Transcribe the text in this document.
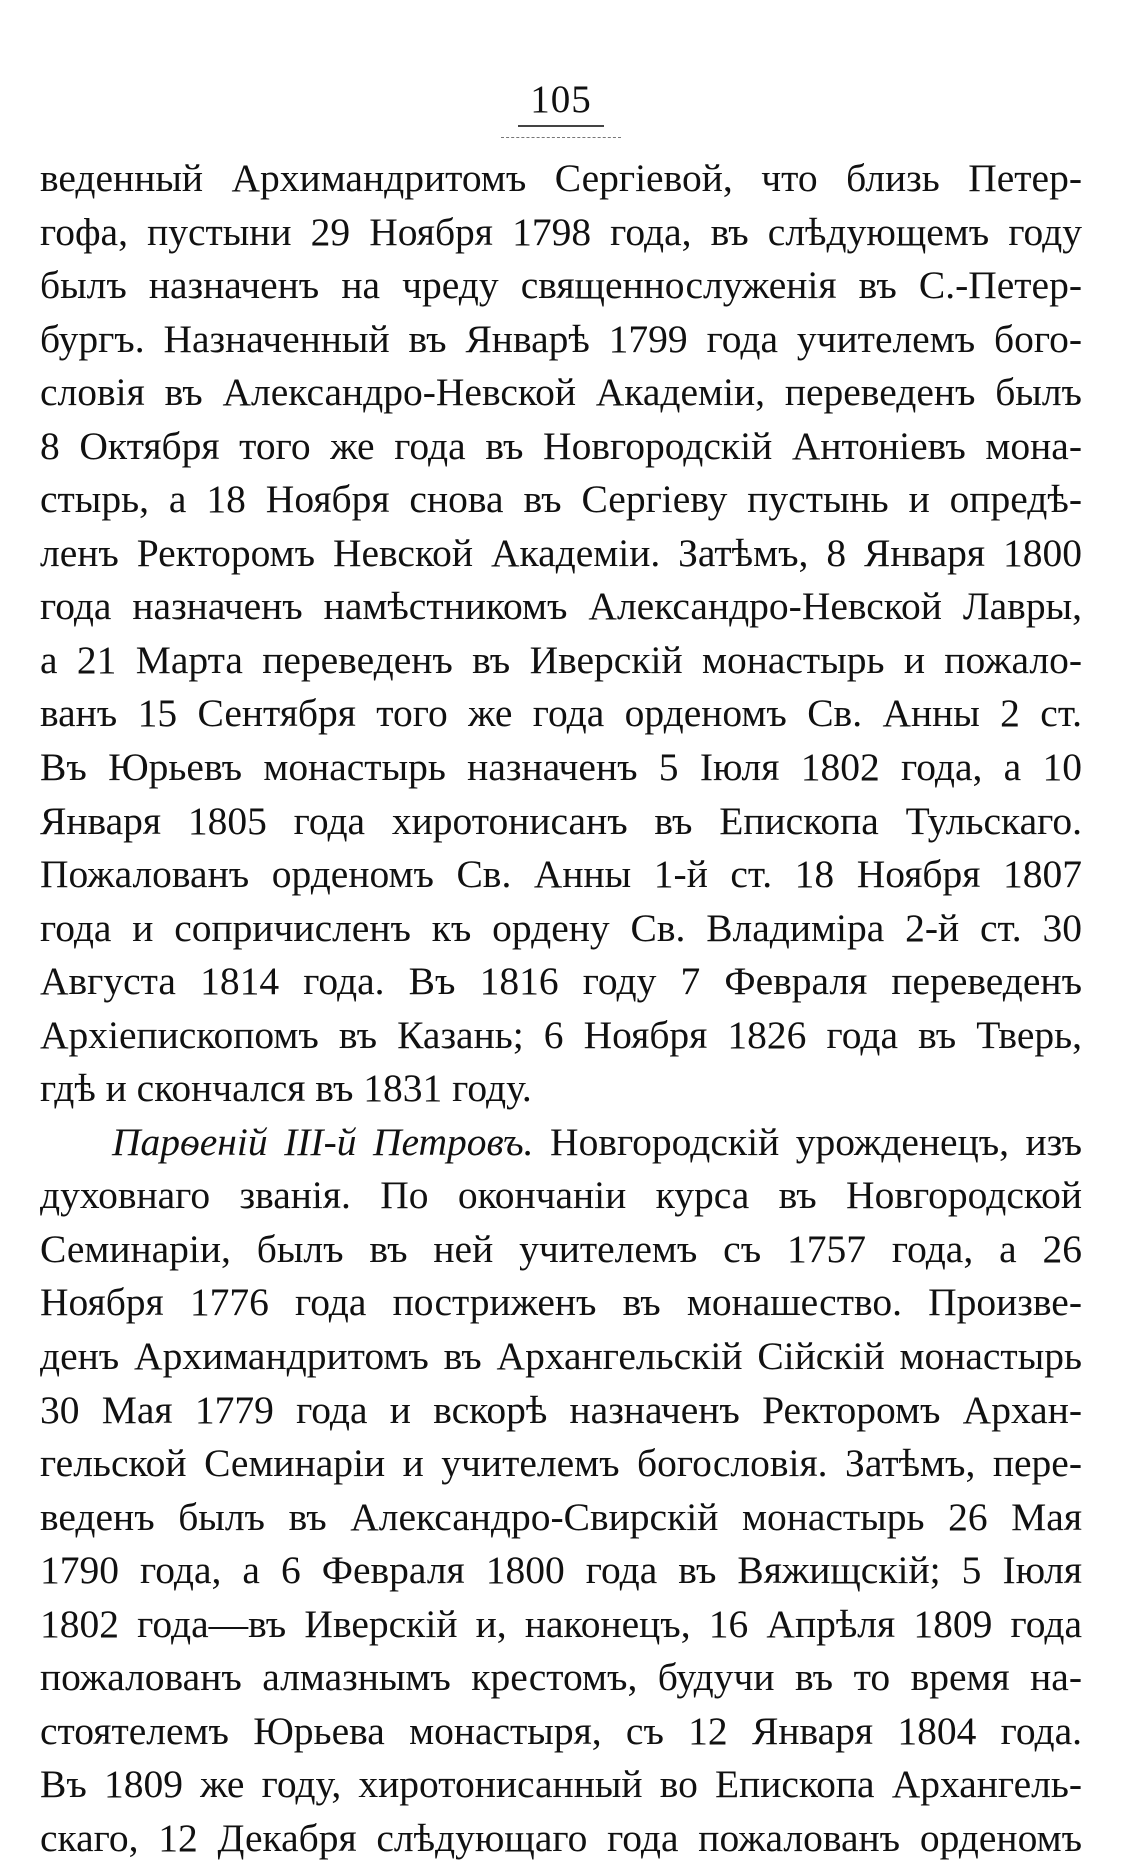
105
веденный Архимандритомъ Сергіевой, что близь Петер-
гофа, пустыни 29 Ноября 1798 года, въ слѣдующемъ году
былъ назначенъ на чреду священнослуженія въ С.-Петер-
бургъ. Назначенный въ Январѣ 1799 года учителемъ бого-
словія въ Александро-Невской Академіи, переведенъ былъ
8 Октября того же года въ Новгородскій Антоніевъ мона-
стырь, а 18 Ноября снова въ Сергіеву пустынь и опредѣ-
ленъ Ректоромъ Невской Академіи. Затѣмъ, 8 Января 1800
года назначенъ намѣстникомъ Александро-Невской Лавры,
а 21 Марта переведенъ въ Иверскій монастырь и пожало-
ванъ 15 Сентября того же года орденомъ Св. Анны 2 ст.
Въ Юрьевъ монастырь назначенъ 5 Іюля 1802 года, а 10
Января 1805 года хиротонисанъ въ Епископа Тульскаго.
Пожалованъ орденомъ Св. Анны 1-й ст. 18 Ноября 1807
года и сопричисленъ къ ордену Св. Владиміра 2-й ст. 30
Августа 1814 года. Въ 1816 году 7 Февраля переведенъ
Архіепископомъ въ Казань; 6 Ноября 1826 года въ Тверь,
гдѣ и скончался въ 1831 году.
Парѳеній ІІІ-й Петровъ. Новгородскій урожденецъ, изъ
духовнаго званія. По окончаніи курса въ Новгородской
Семинаріи, былъ въ ней учителемъ съ 1757 года, а 26
Ноября 1776 года постриженъ въ монашество. Произве-
денъ Архимандритомъ въ Архангельскій Сійскій монастырь
30 Мая 1779 года и вскорѣ назначенъ Ректоромъ Архан-
гельской Семинаріи и учителемъ богословія. Затѣмъ, пере-
веденъ былъ въ Александро-Свирскій монастырь 26 Мая
1790 года, а 6 Февраля 1800 года въ Вяжищскій; 5 Іюля
1802 года—въ Иверскій и, наконецъ, 16 Апрѣля 1809 года
пожалованъ алмазнымъ крестомъ, будучи въ то время на-
стоятелемъ Юрьева монастыря, съ 12 Января 1804 года.
Въ 1809 же году, хиротонисанный во Епископа Архангель-
скаго, 12 Декабря слѣдующаго года пожалованъ орденомъ
